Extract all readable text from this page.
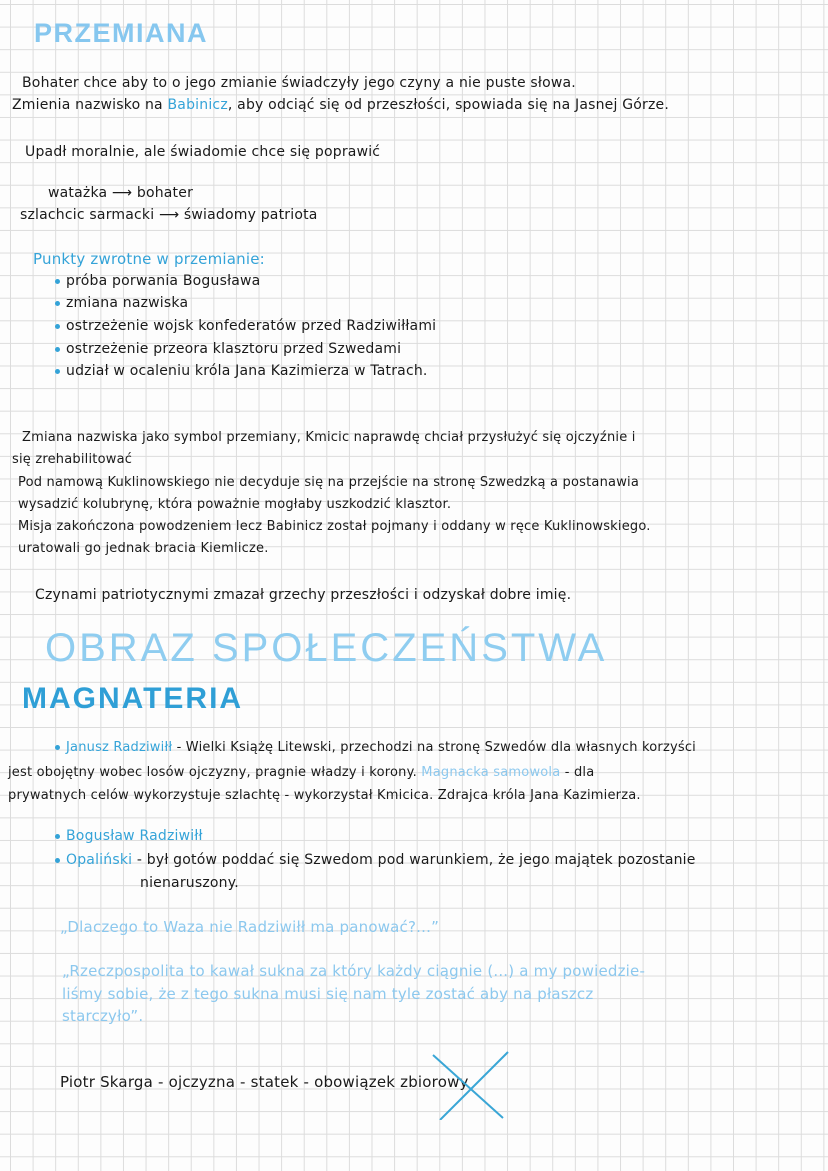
PRZEMIANA
Bohater chce aby to o jego zmianie świadczyły jego czyny a nie puste słowa.
Zmienia nazwisko na Babinicz, aby odciąć się od przeszłości, spowiada się na Jasnej Górze.
Upadł moralnie, ale świadomie chce się poprawić
watażka ⟶ bohater
szlachcic sarmacki ⟶ świadomy patriota
Punkty zwrotne w przemianie:
próba porwania Bogusława
zmiana nazwiska
ostrzeżenie wojsk konfederatów przed Radziwiłłami
ostrzeżenie przeora klasztoru przed Szwedami
udział w ocaleniu króla Jana Kazimierza w Tatrach.
Zmiana nazwiska jako symbol przemiany, Kmicic naprawdę chciał przysłużyć się ojczyźnie i
się zrehabilitować
Pod namową Kuklinowskiego nie decyduje się na przejście na stronę Szwedzką a postanawia
wysadzić kolubrynę, która poważnie mogłaby uszkodzić klasztor.
Misja zakończona powodzeniem lecz Babinicz został pojmany i oddany w ręce Kuklinowskiego.
uratowali go jednak bracia Kiemlicze.
Czynami patriotycznymi zmazał grzechy przeszłości i odzyskał dobre imię.
OBRAZ SPOŁECZEŃSTWA
MAGNATERIA
Janusz Radziwiłł - Wielki Książę Litewski, przechodzi na stronę Szwedów dla własnych korzyści
jest obojętny wobec losów ojczyzny, pragnie władzy i korony. Magnacka samowola - dla
prywatnych celów wykorzystuje szlachtę - wykorzystał Kmicica. Zdrajca króla Jana Kazimierza.
Bogusław Radziwiłł
Opaliński - był gotów poddać się Szwedom pod warunkiem, że jego majątek pozostanie
nienaruszony.
„Dlaczego to Waza nie Radziwiłł ma panować?...”
„Rzeczpospolita to kawał sukna za który każdy ciągnie (...) a my powiedzie-
liśmy sobie, że z tego sukna musi się nam tyle zostać aby na płaszcz
starczyło”.
Piotr Skarga - ojczyzna - statek - obowiązek zbiorowy
